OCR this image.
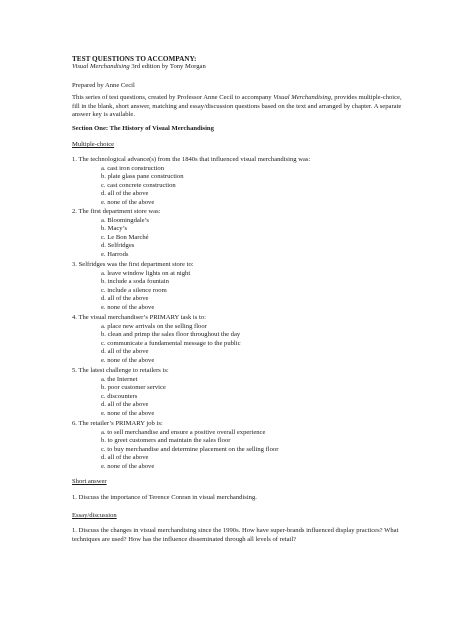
TEST QUESTIONS TO ACCOMPANY:
Visual Merchandising 3rd edition by Tony Morgan
Prepared by Anne Cecil
This series of test questions, created by Professor Anne Cecil to accompany Visual Merchandising, provides multiple-choice, fill in the blank, short answer, matching and essay/discussion questions based on the text and arranged by chapter. A separate answer key is available.
Section One: The History of Visual Merchandising
Multiple-choice
1. The technological advance(s) from the 1840s that influenced visual merchandising was:
a. cast iron construction
b. plate glass pane construction
c. cast concrete construction
d. all of the above
e. none of the above
2. The first department store was:
a. Bloomingdale’s
b. Macy’s
c. Le Bon Marché
d. Selfridges
e. Harrods
3. Selfridges was the first department store to:
a. leave window lights on at night
b. include a soda fountain
c. include a silence room
d. all of the above
e. none of the above
4. The visual merchandiser’s PRIMARY task is to:
a. place new arrivals on the selling floor
b. clean and primp the sales floor throughout the day
c. communicate a fundamental message to the public
d. all of the above
e. none of the above
5. The latest challenge to retailers is:
a. the Internet
b. poor customer service
c. discounters
d. all of the above
e. none of the above
6. The retailer’s PRIMARY job is:
a. to sell merchandise and ensure a positive overall experience
b. to greet customers and maintain the sales floor
c. to buy merchandise and determine placement on the selling floor
d. all of the above
e. none of the above
Short answer
1. Discuss the importance of Terence Conran in visual merchandising.
Essay/discussion
1. Discuss the changes in visual merchandising since the 1990s. How have super-brands influenced display practices? What techniques are used? How has the influence disseminated through all levels of retail?
